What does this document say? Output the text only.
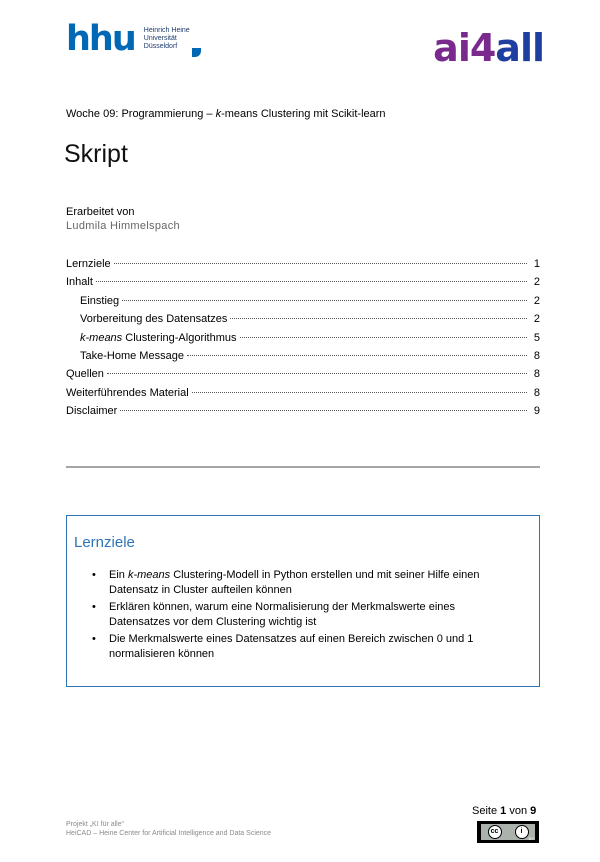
hhu Heinrich Heine
Universität
Düsseldorf	ai4all
Woche 09: Programmierung – k-means Clustering mit Scikit-learn
Skript
Erarbeitet von
Ludmila Himmelspach
Lernziele	1
Inhalt	2
Einstieg	2
Vorbereitung des Datensatzes	2
k-means Clustering-Algorithmus	5
Take-Home Message	8
Quellen	8
Weiterführendes Material	8
Disclaimer	9
Lernziele
• Ein k-means Clustering-Modell in Python erstellen und mit seiner Hilfe einen Datensatz in Cluster aufteilen können
• Erklären können, warum eine Normalisierung der Merkmalswerte eines Datensatzes vor dem Clustering wichtig ist
• Die Merkmalswerte eines Datensatzes auf einen Bereich zwischen 0 und 1 normalisieren können
Projekt „KI für alle“
HeiCAD – Heine Center for Artificial Intelligence and Data Science
Seite 1 von 9
cc	i
BY
